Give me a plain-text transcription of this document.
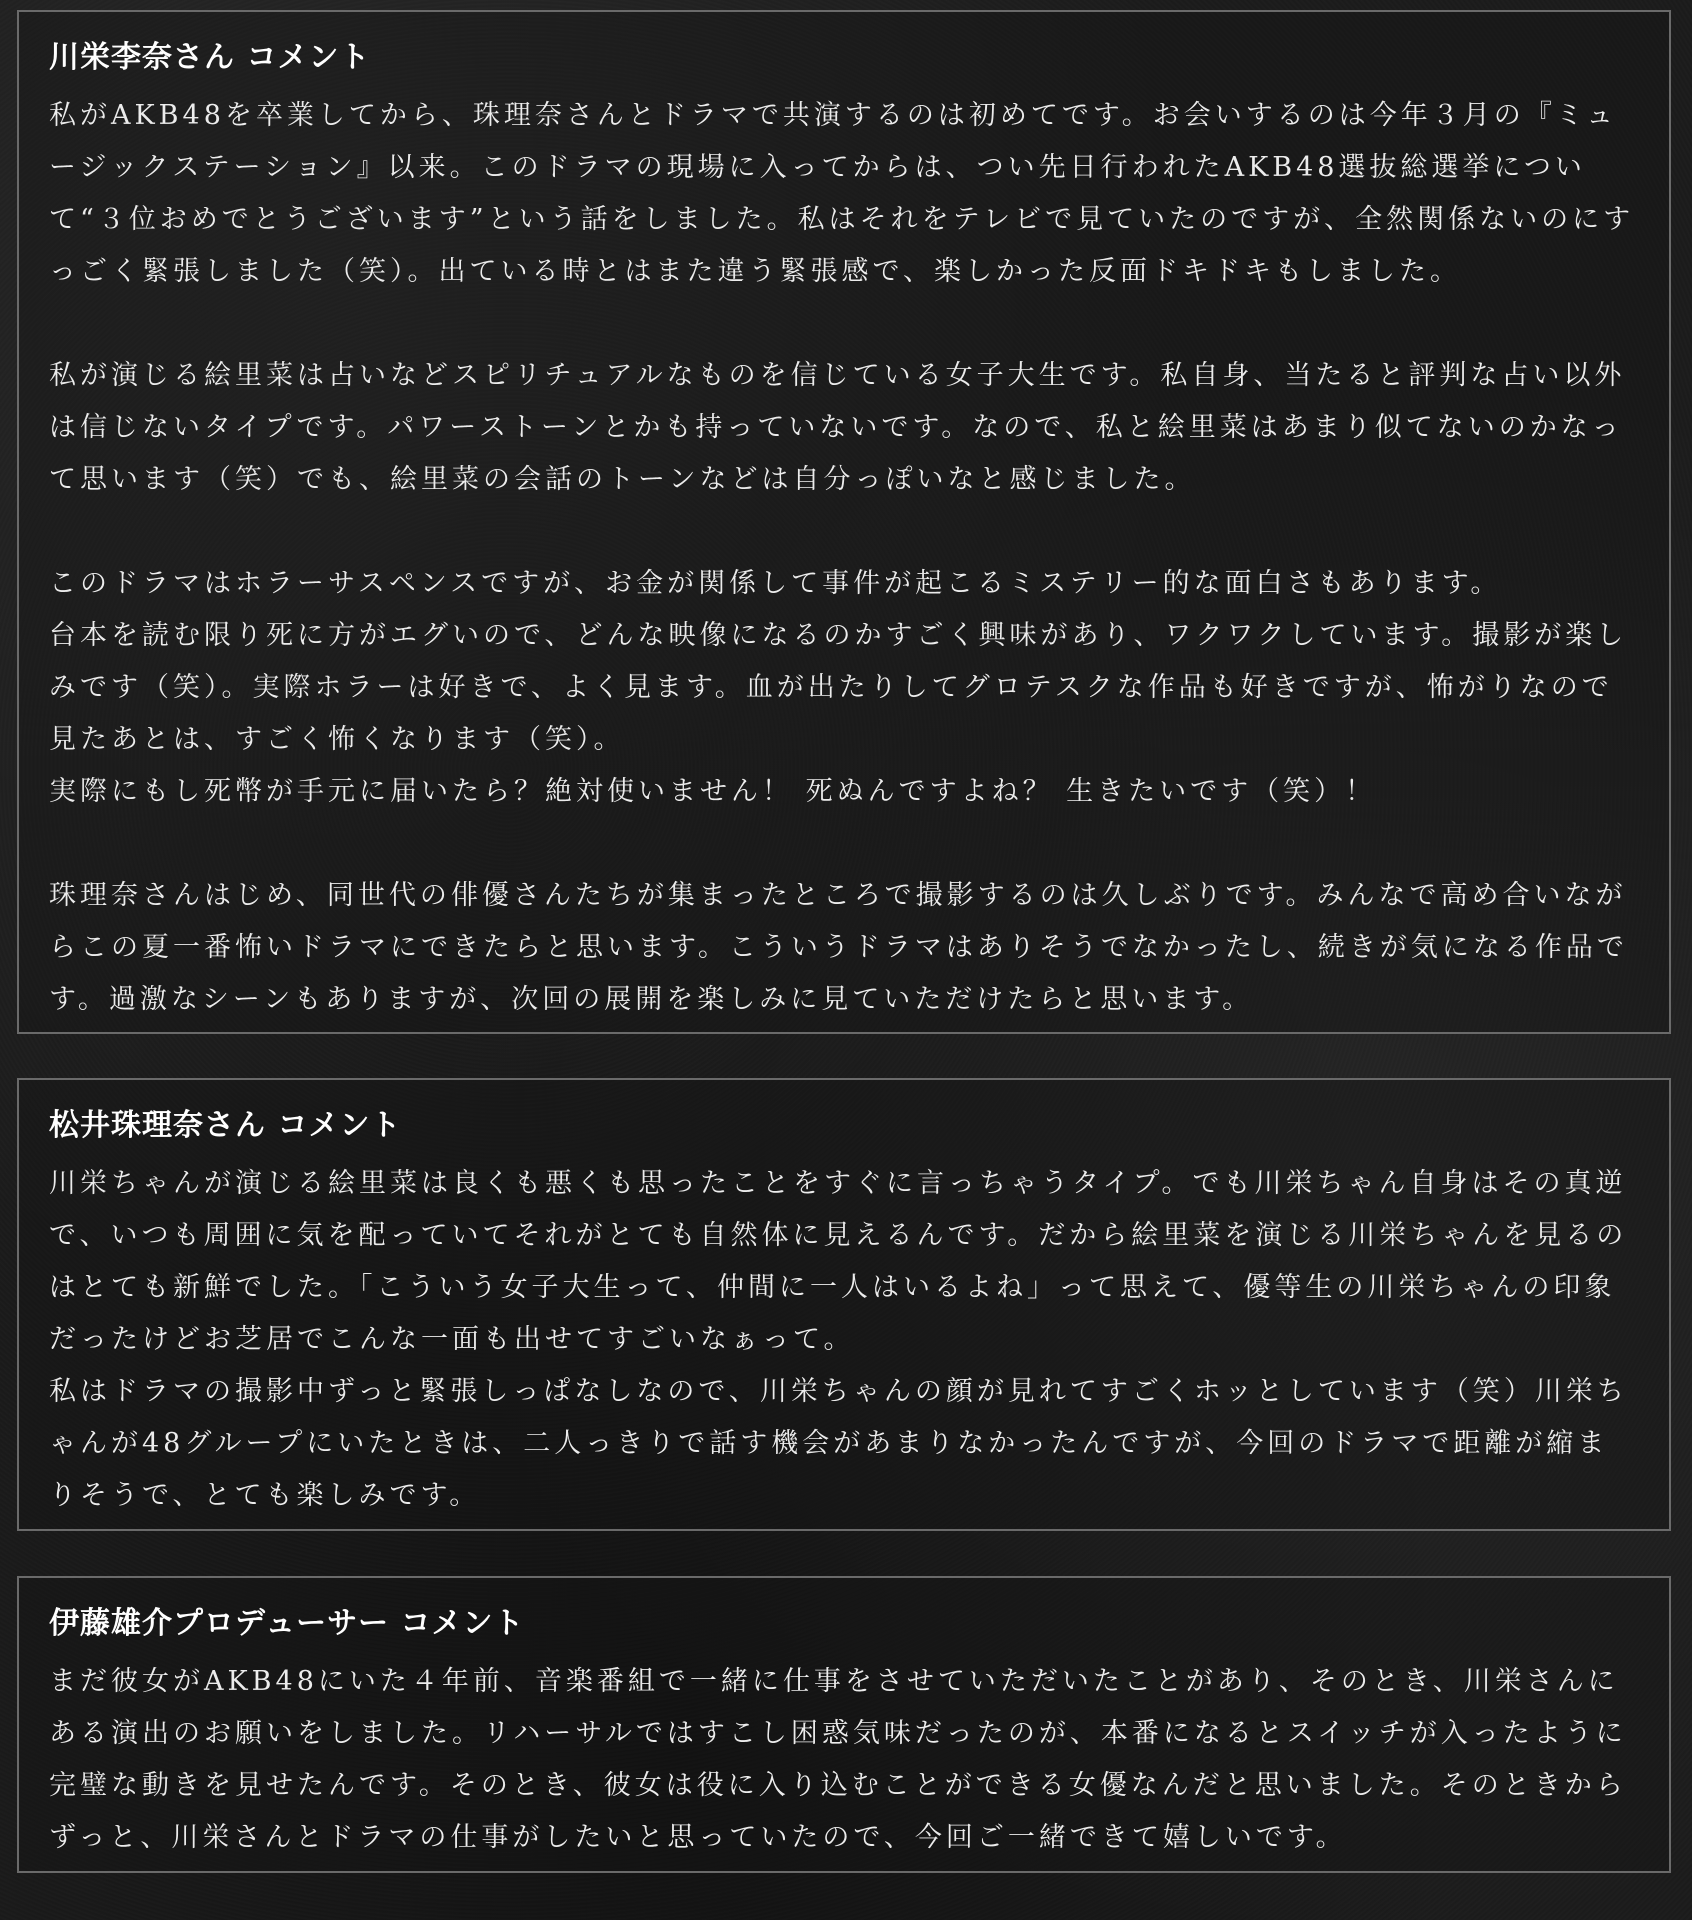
川栄李奈さん コメント

私がAKB48を卒業してから、珠理奈さんとドラマで共演するのは初めてです。お会いするのは今年３月の『ミュージックステーション』以来。このドラマの現場に入ってからは、つい先日行われたAKB48選抜総選挙について“３位おめでとうございます”という話をしました。私はそれをテレビで見ていたのですが、全然関係ないのにすっごく緊張しました（笑）。出ている時とはまた違う緊張感で、楽しかった反面ドキドキもしました。

私が演じる絵里菜は占いなどスピリチュアルなものを信じている女子大生です。私自身、当たると評判な占い以外は信じないタイプです。パワーストーンとかも持っていないです。なので、私と絵里菜はあまり似てないのかなって思います（笑）でも、絵里菜の会話のトーンなどは自分っぽいなと感じました。

このドラマはホラーサスペンスですが、お金が関係して事件が起こるミステリー的な面白さもあります。

台本を読む限り死に方がエグいので、どんな映像になるのかすごく興味があり、ワクワクしています。撮影が楽しみです（笑）。実際ホラーは好きで、よく見ます。血が出たりしてグロテスクな作品も好きですが、怖がりなので見たあとは、すごく怖くなります（笑）。

実際にもし死幣が手元に届いたら？絶対使いません！ 死ぬんですよね？ 生きたいです（笑）！

珠理奈さんはじめ、同世代の俳優さんたちが集まったところで撮影するのは久しぶりです。みんなで高め合いながらこの夏一番怖いドラマにできたらと思います。こういうドラマはありそうでなかったし、続きが気になる作品です。過激なシーンもありますが、次回の展開を楽しみに見ていただけたらと思います。

松井珠理奈さん コメント

川栄ちゃんが演じる絵里菜は良くも悪くも思ったことをすぐに言っちゃうタイプ。でも川栄ちゃん自身はその真逆で、いつも周囲に気を配っていてそれがとても自然体に見えるんです。だから絵里菜を演じる川栄ちゃんを見るのはとても新鮮でした。「こういう女子大生って、仲間に一人はいるよね」って思えて、優等生の川栄ちゃんの印象だったけどお芝居でこんな一面も出せてすごいなぁって。

私はドラマの撮影中ずっと緊張しっぱなしなので、川栄ちゃんの顔が見れてすごくホッとしています（笑）川栄ちゃんが48グループにいたときは、二人っきりで話す機会があまりなかったんですが、今回のドラマで距離が縮まりそうで、とても楽しみです。

伊藤雄介プロデューサー コメント

まだ彼女がAKB48にいた４年前、音楽番組で一緒に仕事をさせていただいたことがあり、そのとき、川栄さんにある演出のお願いをしました。リハーサルではすこし困惑気味だったのが、本番になるとスイッチが入ったように完璧な動きを見せたんです。そのとき、彼女は役に入り込むことができる女優なんだと思いました。そのときからずっと、川栄さんとドラマの仕事がしたいと思っていたので、今回ご一緒できて嬉しいです。
